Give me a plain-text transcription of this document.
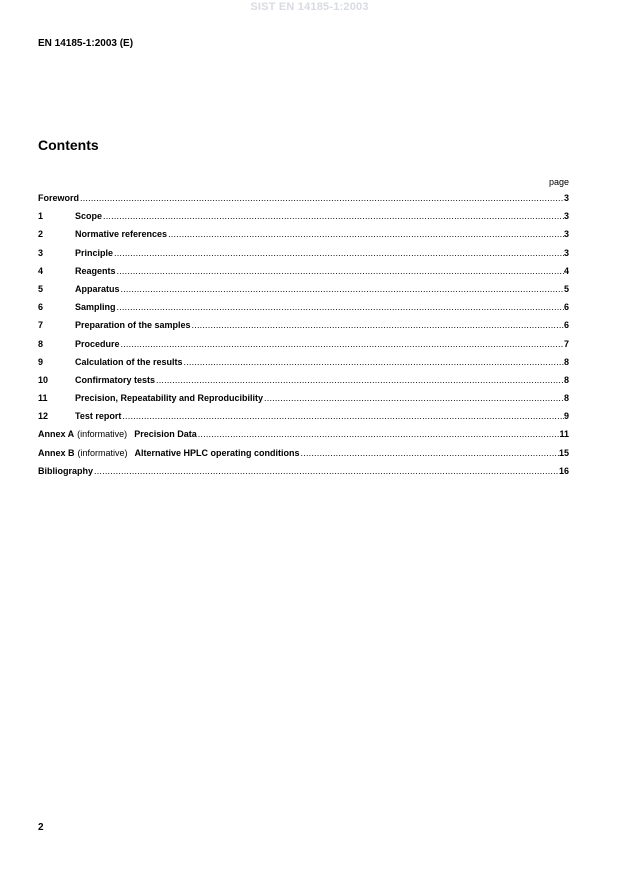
SIST EN 14185-1:2003
EN 14185-1:2003 (E)
Contents
page
Foreword .....	3
1	Scope .....	3
2	Normative references .....	3
3	Principle .....	3
4	Reagents .....	4
5	Apparatus .....	5
6	Sampling .....	6
7	Preparation of the samples .....	6
8	Procedure .....	7
9	Calculation of the results .....	8
10	Confirmatory tests .....	8
11	Precision, Repeatability and Reproducibility .....	8
12	Test report .....	9
Annex A (informative) Precision Data .....	11
Annex B (informative) Alternative HPLC operating conditions .....	15
Bibliography .....	16
2
